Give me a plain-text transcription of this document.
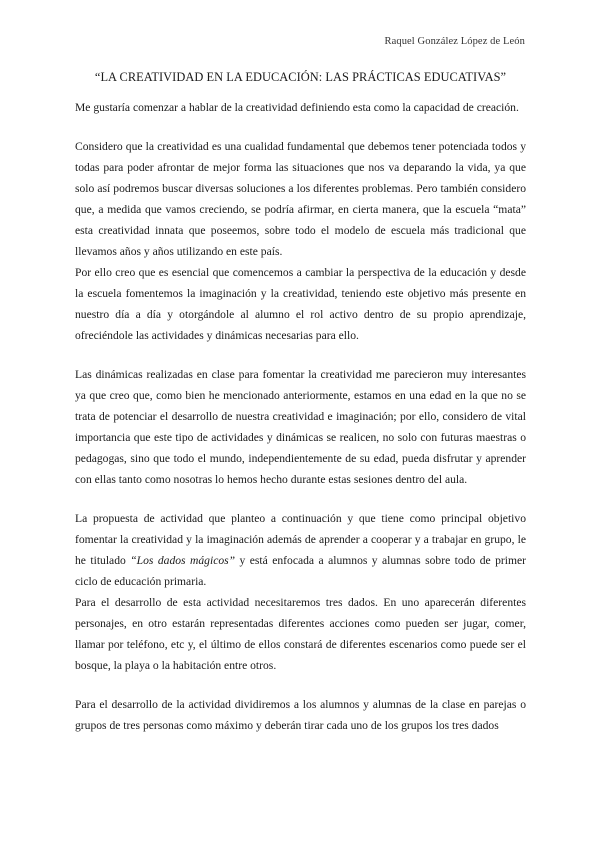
Raquel González López de León
“LA CREATIVIDAD EN LA EDUCACIÓN: LAS PRÁCTICAS EDUCATIVAS”

Me gustaría comenzar a hablar de la creatividad definiendo esta como la capacidad de creación.

Considero que la creatividad es una cualidad fundamental que debemos tener potenciada todos y todas para poder afrontar de mejor forma las situaciones que nos va deparando la vida, ya que solo así podremos buscar diversas soluciones a los diferentes problemas. Pero también considero que, a medida que vamos creciendo, se podría afirmar, en cierta manera, que la escuela “mata” esta creatividad innata que poseemos, sobre todo el modelo de escuela más tradicional que llevamos años y años utilizando en este país.

Por ello creo que es esencial que comencemos a cambiar la perspectiva de la educación y desde la escuela fomentemos la imaginación y la creatividad, teniendo este objetivo más presente en nuestro día a día y otorgándole al alumno el rol activo dentro de su propio aprendizaje, ofreciéndole las actividades y dinámicas necesarias para ello.

Las dinámicas realizadas en clase para fomentar la creatividad me parecieron muy interesantes ya que creo que, como bien he mencionado anteriormente, estamos en una edad en la que no se trata de potenciar el desarrollo de nuestra creatividad e imaginación; por ello, considero de vital importancia que este tipo de actividades y dinámicas se realicen, no solo con futuras maestras o pedagogas, sino que todo el mundo, independientemente de su edad, pueda disfrutar y aprender con ellas tanto como nosotras lo hemos hecho durante estas sesiones dentro del aula.

La propuesta de actividad que planteo a continuación y que tiene como principal objetivo fomentar la creatividad y la imaginación además de aprender a cooperar y a trabajar en grupo, le he titulado “Los dados mágicos” y está enfocada a alumnos y alumnas sobre todo de primer ciclo de educación primaria.

Para el desarrollo de esta actividad necesitaremos tres dados. En uno aparecerán diferentes personajes, en otro estarán representadas diferentes acciones como pueden ser jugar, comer, llamar por teléfono, etc y, el último de ellos constará de diferentes escenarios como puede ser el bosque, la playa o la habitación entre otros.

Para el desarrollo de la actividad dividiremos a los alumnos y alumnas de la clase en parejas o grupos de tres personas como máximo y deberán tirar cada uno de los grupos los tres dados
